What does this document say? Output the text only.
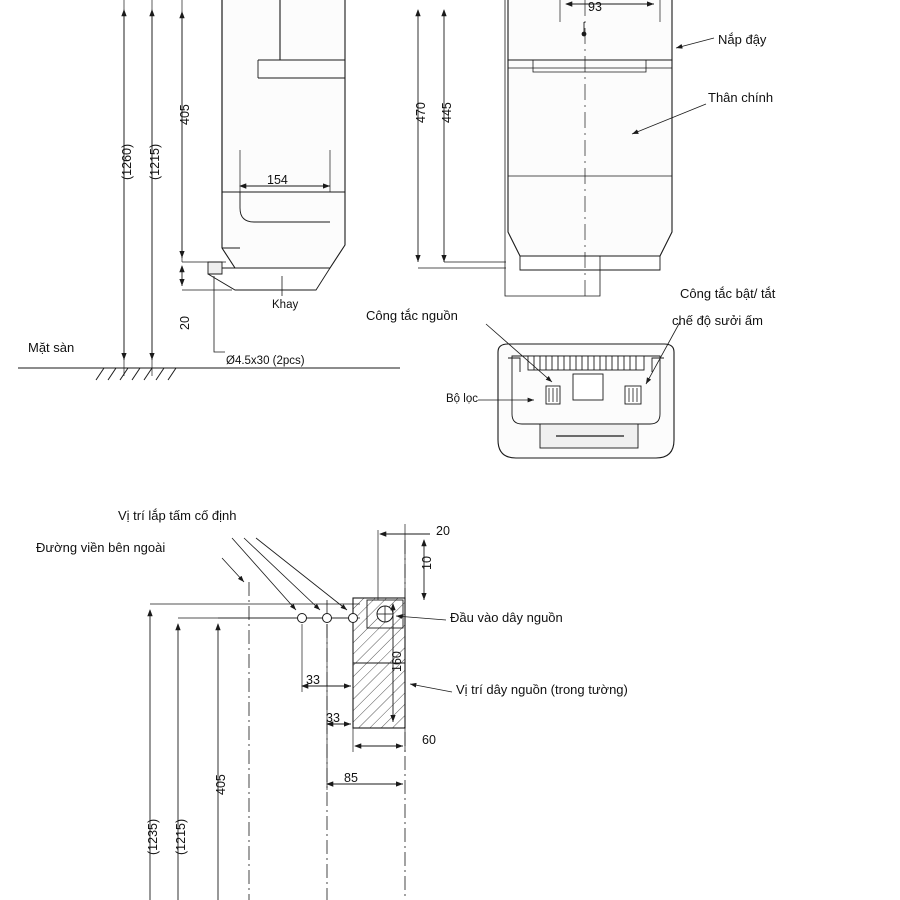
(1260) (1215)
405
20
154
470 445
93
Mặt sàn
Khay
Ø4.5x30 (2pcs)
Nắp đậy
Thân chính
Công tắc nguồn
Công tắc bật/ tắt
chế độ sưởi ấm
Bộ lọc
Vị trí lắp tấm cố định
Đường viền bên ngoài
Đầu vào dây nguồn
Vị trí dây nguồn (trong tường)
20
10
160
33
33
60
85
405
(1235) (1215)
